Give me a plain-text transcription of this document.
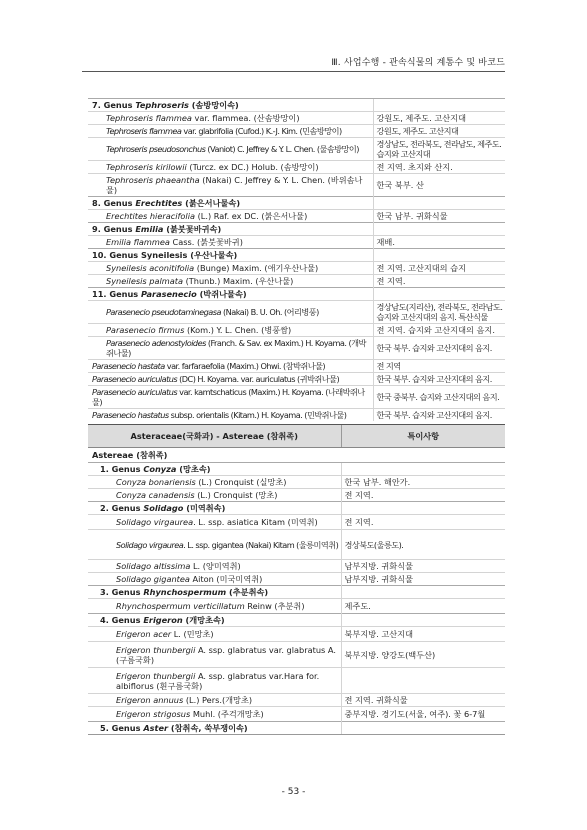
Ⅲ. 사업수행 - 관속식물의 계통수 및 바코드
7. Genus Tephroseris (솜방망이속)	
Tephroseris flammea var. flammea. (산솜방망이)	강원도, 제주도. 고산지대
Tephroseris flammea var. glabrifolia (Cufod.) K.-J. Kim. (민솜방망이)	강원도, 제주도. 고산지대
Tephroseris pseudosonchus (Vaniot) C. Jeffrey & Y. L. Chen. (물솜방망이)	경상남도, 전라북도, 전라남도, 제주도. 습지와 고산지대
Tephroseris kirilowii (Turcz. ex DC.) Holub. (솜방망이)	전 지역. 초지와 산지.
Tephroseris phaeantha (Nakai) C. Jeffrey & Y. L. Chen. (바위솜나물)	한국 북부. 산
8. Genus Erechtites (붉은서나물속)	
Erechtites hieracifolia (L.) Raf. ex DC. (붉은서나물)	한국 남부. 귀화식물
9. Genus Emilia (붉붓꽃바귀속)	
Emilia flammea Cass. (붉붓꽃바귀)	재배.
10. Genus Syneilesis (우산나물속)	
Syneilesis aconitifolia (Bunge) Maxim. (애기우산나물)	전 지역. 고산지대의 습지
Syneilesis palmata (Thunb.) Maxim. (우산나물)	전 지역.
11. Genus Parasenecio (박쥐나물속)	
Parasenecio pseudotaminegasa (Nakai) B. U. Oh. (어리병풍)	경상남도(지리산), 전라북도, 전라남도. 습지와 고산지대의 음지. 특산식물
Parasenecio firmus (Kom.) Y. L. Chen. (병풍쌈)	전 지역. 습지와 고산지대의 음지.
Parasenecio adenostyloides (Franch. & Sav. ex Maxim.) H. Koyama. (개박쥐나물)	한국 북부. 습지와 고산지대의 음지.
Parasenecio hastata var. farfaraefolia (Maxim.) Ohwi. (참박쥐나물)	전 지역
Parasenecio auriculatus (DC) H. Koyama. var. auriculatus (귀박쥐나물)	한국 북부. 습지와 고산지대의 음지.
Parasenecio auriculatus var. kamtschaticus (Maxim.) H. Koyama. (나래박쥐나물)	한국 중북부. 습지와 고산지대의 음지.
Parasenecio hastatus subsp. orientalis (Kitam.) H. Koyama. (민박쥐나물)	한국 북부. 습지와 고산지대의 음지.
Asteraceae(국화과) - Astereae (참취족)	특이사항
Astereae (참취족)	
1. Genus Conyza (망초속)	
Conyza bonariensis (L.) Cronquist (실망초)	한국 남부. 해안가.
Conyza canadensis (L.) Cronquist (망초)	전 지역.
2. Genus Solidago (미역취속)	
Solidago virgaurea. L. ssp. asiatica Kitam (미역취)	전 지역.
Solidago virgaurea. L. ssp. gigantea (Nakai) Kitam (울릉미역취)	경상북도(울릉도).
Solidago altissima L. (양미역취)	남부지방. 귀화식물
Solidago gigantea Aiton (미국미역취)	남부지방. 귀화식물
3. Genus Rhynchospermum (추분취속)	
Rhynchospermum verticillatum Reinw (추분취)	제주도.
4. Genus Erigeron (개망초속)	
Erigeron acer L. (민망초)	북부지방. 고산지대
Erigeron thunbergii A. ssp. glabratus var. glabratus A.(구름국화)	북부지방. 양강도(백두산)
Erigeron thunbergii A. ssp. glabratus var.Hara for. albiflorus (흰구름국화)	
Erigeron annuus (L.) Pers.(개망초)	전 지역. 귀화식물
Erigeron strigosus Muhl. (주걱개망초)	중부지방. 경기도(서울, 여주). 꽃 6-7월
5. Genus Aster (참취속, 쑥부쟁이속)	
- 53 -
